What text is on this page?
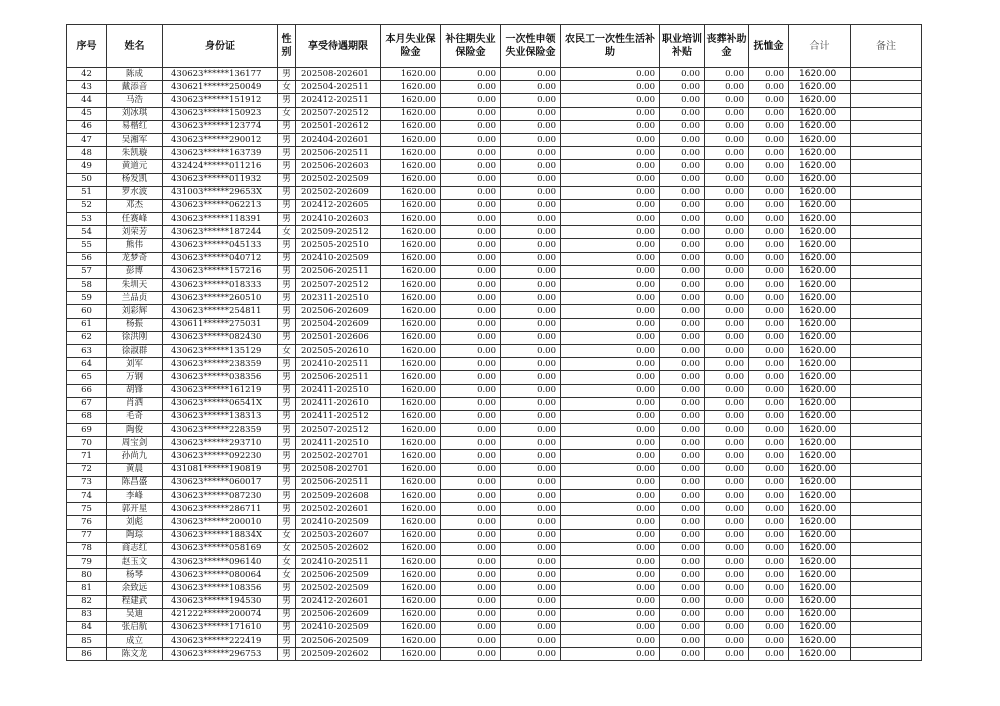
序号	姓名	身份证	性别	享受待遇期限	本月失业保险金	补往期失业保险金	一次性申领失业保险金	农民工一次性生活补助	职业培训补贴	丧葬补助金	抚恤金	合计	备注
42	陈成	430623******136177	男	202508-202601	1620.00	0.00	0.00	0.00	0.00	0.00	0.00	1620.00	
43	戴添音	430621******250049	女	202504-202511	1620.00	0.00	0.00	0.00	0.00	0.00	0.00	1620.00	
44	马浩	430623******151912	男	202412-202511	1620.00	0.00	0.00	0.00	0.00	0.00	0.00	1620.00	
45	刘冰琪	430623******150923	女	202507-202512	1620.00	0.00	0.00	0.00	0.00	0.00	0.00	1620.00	
46	易楷红	430623******123774	男	202501-202612	1620.00	0.00	0.00	0.00	0.00	0.00	0.00	1620.00	
47	吴湘军	430623******290012	男	202404-202601	1620.00	0.00	0.00	0.00	0.00	0.00	0.00	1620.00	
48	朱凯璇	430623******163739	男	202506-202511	1620.00	0.00	0.00	0.00	0.00	0.00	0.00	1620.00	
49	黄道元	432424******011216	男	202506-202603	1620.00	0.00	0.00	0.00	0.00	0.00	0.00	1620.00	
50	杨发凯	430623******011932	男	202502-202509	1620.00	0.00	0.00	0.00	0.00	0.00	0.00	1620.00	
51	罗水波	431003******29653X	男	202502-202609	1620.00	0.00	0.00	0.00	0.00	0.00	0.00	1620.00	
52	邓杰	430623******062213	男	202412-202605	1620.00	0.00	0.00	0.00	0.00	0.00	0.00	1620.00	
53	任赛峰	430623******118391	男	202410-202603	1620.00	0.00	0.00	0.00	0.00	0.00	0.00	1620.00	
54	刘荣芳	430623******187244	女	202509-202512	1620.00	0.00	0.00	0.00	0.00	0.00	0.00	1620.00	
55	熊伟	430623******045133	男	202505-202510	1620.00	0.00	0.00	0.00	0.00	0.00	0.00	1620.00	
56	龙梦奇	430623******040712	男	202410-202509	1620.00	0.00	0.00	0.00	0.00	0.00	0.00	1620.00	
57	彭博	430623******157216	男	202506-202511	1620.00	0.00	0.00	0.00	0.00	0.00	0.00	1620.00	
58	朱圳天	430623******018333	男	202507-202512	1620.00	0.00	0.00	0.00	0.00	0.00	0.00	1620.00	
59	兰品贞	430623******260510	男	202311-202510	1620.00	0.00	0.00	0.00	0.00	0.00	0.00	1620.00	
60	刘彩辉	430623******254811	男	202506-202609	1620.00	0.00	0.00	0.00	0.00	0.00	0.00	1620.00	
61	杨振	430611******275031	男	202504-202609	1620.00	0.00	0.00	0.00	0.00	0.00	0.00	1620.00	
62	徐洪刚	430623******082430	男	202501-202606	1620.00	0.00	0.00	0.00	0.00	0.00	0.00	1620.00	
63	徐淑群	430623******135129	女	202505-202610	1620.00	0.00	0.00	0.00	0.00	0.00	0.00	1620.00	
64	刘军	430623******238359	男	202410-202511	1620.00	0.00	0.00	0.00	0.00	0.00	0.00	1620.00	
65	万钢	430623******038356	男	202506-202511	1620.00	0.00	0.00	0.00	0.00	0.00	0.00	1620.00	
66	胡锋	430623******161219	男	202411-202510	1620.00	0.00	0.00	0.00	0.00	0.00	0.00	1620.00	
67	肖洒	430623******06541X	男	202411-202610	1620.00	0.00	0.00	0.00	0.00	0.00	0.00	1620.00	
68	毛奇	430623******138313	男	202411-202512	1620.00	0.00	0.00	0.00	0.00	0.00	0.00	1620.00	
69	陶俊	430623******228359	男	202507-202512	1620.00	0.00	0.00	0.00	0.00	0.00	0.00	1620.00	
70	周宝剑	430623******293710	男	202411-202510	1620.00	0.00	0.00	0.00	0.00	0.00	0.00	1620.00	
71	孙尚九	430623******092230	男	202502-202701	1620.00	0.00	0.00	0.00	0.00	0.00	0.00	1620.00	
72	黄晨	431081******190819	男	202508-202701	1620.00	0.00	0.00	0.00	0.00	0.00	0.00	1620.00	
73	陈昌盛	430623******060017	男	202506-202511	1620.00	0.00	0.00	0.00	0.00	0.00	0.00	1620.00	
74	李峰	430623******087230	男	202509-202608	1620.00	0.00	0.00	0.00	0.00	0.00	0.00	1620.00	
75	郭开星	430623******286711	男	202502-202601	1620.00	0.00	0.00	0.00	0.00	0.00	0.00	1620.00	
76	刘彪	430623******200010	男	202410-202509	1620.00	0.00	0.00	0.00	0.00	0.00	0.00	1620.00	
77	陶琮	430623******18834X	女	202503-202607	1620.00	0.00	0.00	0.00	0.00	0.00	0.00	1620.00	
78	商志红	430623******058169	女	202505-202602	1620.00	0.00	0.00	0.00	0.00	0.00	0.00	1620.00	
79	赵玉文	430623******096140	女	202410-202511	1620.00	0.00	0.00	0.00	0.00	0.00	0.00	1620.00	
80	杨琴	430623******080064	女	202506-202509	1620.00	0.00	0.00	0.00	0.00	0.00	0.00	1620.00	
81	余致远	430623******108356	男	202502-202509	1620.00	0.00	0.00	0.00	0.00	0.00	0.00	1620.00	
82	程建武	430623******194530	男	202412-202601	1620.00	0.00	0.00	0.00	0.00	0.00	0.00	1620.00	
83	吴迪	421222******200074	男	202506-202609	1620.00	0.00	0.00	0.00	0.00	0.00	0.00	1620.00	
84	张启航	430623******171610	男	202410-202509	1620.00	0.00	0.00	0.00	0.00	0.00	0.00	1620.00	
85	成立	430623******222419	男	202506-202509	1620.00	0.00	0.00	0.00	0.00	0.00	0.00	1620.00	
86	陈文龙	430623******296753	男	202509-202602	1620.00	0.00	0.00	0.00	0.00	0.00	0.00	1620.00	
